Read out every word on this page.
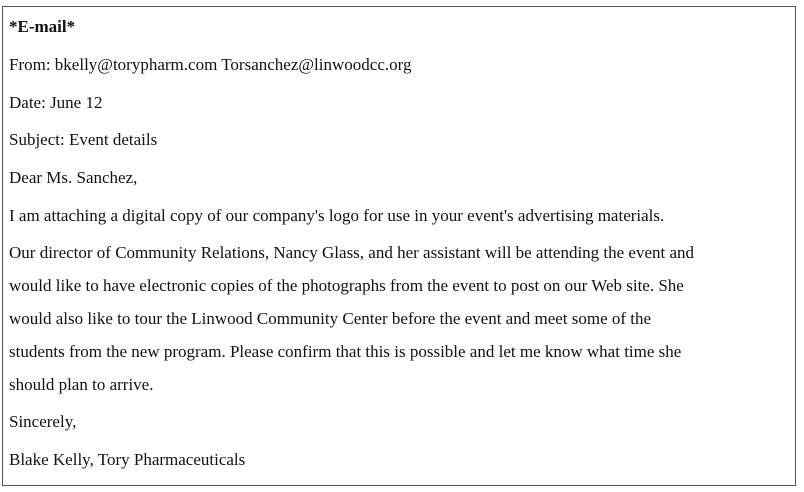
*E-mail*
From: bkelly@torypharm.com Torsanchez@linwoodcc.org
Date: June 12
Subject: Event details
Dear Ms. Sanchez,
I am attaching a digital copy of our company's logo for use in your event's advertising materials.
Our director of Community Relations, Nancy Glass, and her assistant will be attending the event and
would like to have electronic copies of the photographs from the event to post on our Web site. She
would also like to tour the Linwood Community Center before the event and meet some of the
students from the new program. Please confirm that this is possible and let me know what time she
should plan to arrive.
Sincerely,
Blake Kelly, Tory Pharmaceuticals
